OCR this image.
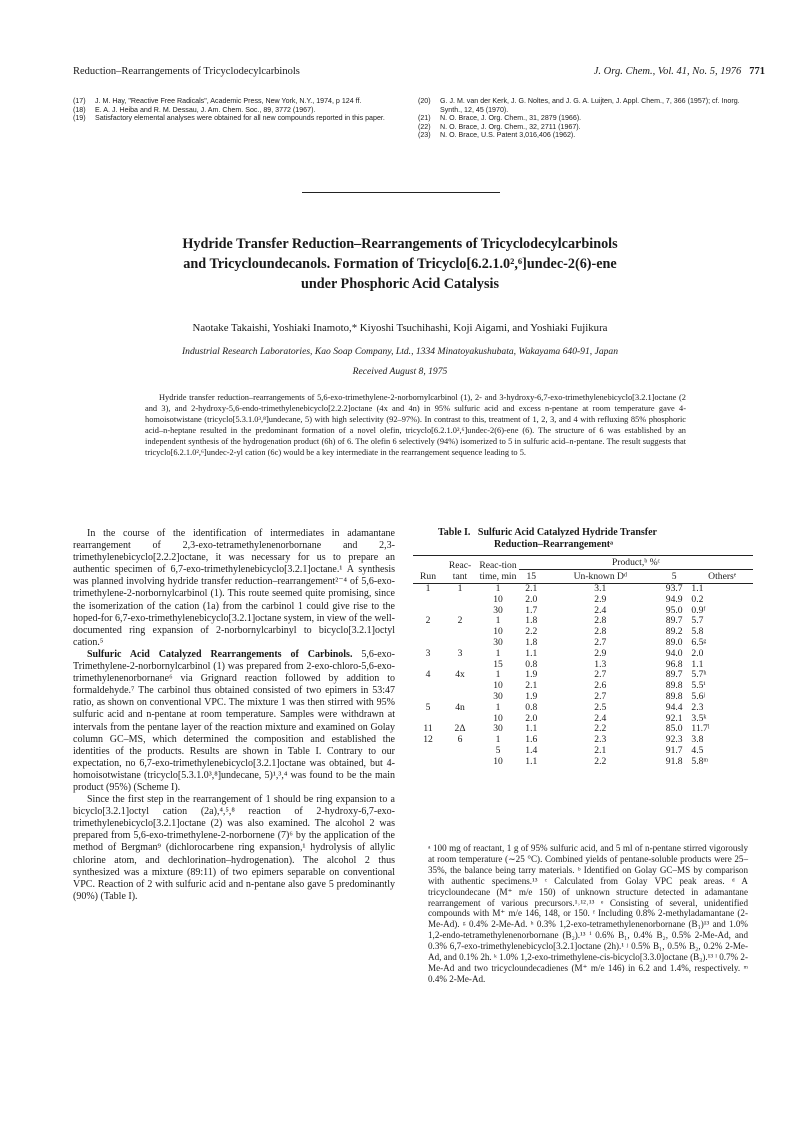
Reduction–Rearrangements of Tricyclodecylcarbinols	J. Org. Chem., Vol. 41, No. 5, 1976 771
(17)	J. M. Hay, "Reactive Free Radicals", Academic Press, New York, N.Y., 1974, p 124 ff.
(18)	E. A. J. Heiba and R. M. Dessau, J. Am. Chem. Soc., 89, 3772 (1967).
(19)	Satisfactory elemental analyses were obtained for all new compounds reported in this paper.
(20)	G. J. M. van der Kerk, J. G. Noltes, and J. G. A. Luijten, J. Appl. Chem., 7, 366 (1957); cf. Inorg. Synth., 12, 45 (1970).
(21)	N. O. Brace, J. Org. Chem., 31, 2879 (1966).
(22)	N. O. Brace, J. Org. Chem., 32, 2711 (1967).
(23)	N. O. Brace, U.S. Patent 3,016,406 (1962).
Hydride Transfer Reduction–Rearrangements of Tricyclodecylcarbinols
and Tricycloundecanols. Formation of Tricyclo[6.2.1.0²,⁶]undec-2(6)-ene
under Phosphoric Acid Catalysis
Naotake Takaishi, Yoshiaki Inamoto,* Kiyoshi Tsuchihashi, Koji Aigami, and Yoshiaki Fujikura
Industrial Research Laboratories, Kao Soap Company, Ltd., 1334 Minatoyakushubata, Wakayama 640-91, Japan
Received August 8, 1975
Hydride transfer reduction–rearrangements of 5,6-exo-trimethylene-2-norbornylcarbinol (1), 2- and 3-hydroxy-6,7-exo-trimethylenebicyclo[3.2.1]octane (2 and 3), and 2-hydroxy-5,6-endo-trimethylenebicyclo[2.2.2]octane (4x and 4n) in 95% sulfuric acid and excess n-pentane at room temperature gave 4-homoisotwistane (tricyclo[5.3.1.0³,⁸]undecane, 5) with high selectivity (92–97%). In contrast to this, treatment of 1, 2, 3, and 4 with refluxing 85% phosphoric acid–n-heptane resulted in the predominant formation of a novel olefin, tricyclo[6.2.1.0²,⁶]undec-2(6)-ene (6). The structure of 6 was established by an independent synthesis of the hydrogenation product (6h) of 6. The olefin 6 selectively (94%) isomerized to 5 in sulfuric acid–n-pentane. The result suggests that tricyclo[6.2.1.0²,⁶]undec-2-yl cation (6c) would be a key intermediate in the rearrangement sequence leading to 5.

In the course of the identification of intermediates in adamantane rearrangement of 2,3-exo-tetramethylenenorbornane and 2,3-trimethylenebicyclo[2.2.2]octane, it was necessary for us to prepare an authentic specimen of 6,7-exo-trimethylenebicyclo[3.2.1]octane.¹ A synthesis was planned involving hydride transfer reduction–rearrangement²⁻⁴ of 5,6-exo-trimethylene-2-norbornylcarbinol (1). This route seemed quite promising, since the isomerization of the cation (1a) from the carbinol 1 could give rise to the hoped-for 6,7-exo-trimethylenebicyclo[3.2.1]octane system, in view of the well-documented ring expansion of 2-norbornylcarbinyl to bicyclo[3.2.1]octyl cation.⁵

Sulfuric Acid Catalyzed Rearrangements of Carbinols. 5,6-exo-Trimethylene-2-norbornylcarbinol (1) was prepared from 2-exo-chloro-5,6-exo-trimethylenenorbornane⁶ via Grignard reaction followed by addition to formaldehyde.⁷ The carbinol thus obtained consisted of two epimers in 53:47 ratio, as shown on conventional VPC. The mixture 1 was then stirred with 95% sulfuric acid and n-pentane at room temperature. Samples were withdrawn at intervals from the pentane layer of the reaction mixture and examined on Golay column GC–MS, which determined the composition and established the identities of the products. Results are shown in Table I. Contrary to our expectation, no 6,7-exo-trimethylenebicyclo[3.2.1]octane was obtained, but 4-homoisotwistane (tricyclo[5.3.1.0³,⁸]undecane, 5)¹,³,⁴ was found to be the main product (95%) (Scheme I).

Since the first step in the rearrangement of 1 should be ring expansion to a bicyclo[3.2.1]octyl cation (2a),⁴,⁵,⁸ reaction of 2-hydroxy-6,7-exo-trimethylenebicyclo[3.2.1]octane (2) was also examined. The alcohol 2 was prepared from 5,6-exo-trimethylene-2-norbornene (7)⁶ by the application of the method of Bergman⁹ (dichlorocarbene ring expansion,¹ hydrolysis of allylic chlorine atom, and dechlorination–hydrogenation). The alcohol 2 thus synthesized was a mixture (89:11) of two epimers separable on conventional VPC. Reaction of 2 with sulfuric acid and n-pentane also gave 5 predominantly (90%) (Table I).

Table I. Sulfuric Acid Catalyzed Hydride Transfer
Reduction–Rearrangementᵃ
Run	Reac-tant	Reac-tion time, min	Product,ᵇ %ᶜ			
			15	Un-known Dᵈ	5	Othersᵉ
1	1	1	2.1	3.1	93.7	1.1
		10	2.0	2.9	94.9	0.2
		30	1.7	2.4	95.0	0.9ᶠ
2	2	1	1.8	2.8	89.7	5.7
		10	2.2	2.8	89.2	5.8
		30	1.8	2.7	89.0	6.5ᵍ
3	3	1	1.1	2.9	94.0	2.0
		15	0.8	1.3	96.8	1.1
4	4x	1	1.9	2.7	89.7	5.7ʰ
		10	2.1	2.6	89.8	5.5ⁱ
		30	1.9	2.7	89.8	5.6ʲ
5	4n	1	0.8	2.5	94.4	2.3
		10	2.0	2.4	92.1	3.5ᵏ
11	2Δ	30	1.1	2.2	85.0	11.7ˡ
12	6	1	1.6	2.3	92.3	3.8
		5	1.4	2.1	91.7	4.5
		10	1.1	2.2	91.8	5.8ᵐ
ᵃ 100 mg of reactant, 1 g of 95% sulfuric acid, and 5 ml of n-pentane stirred vigorously at room temperature (∼25 °C). Combined yields of pentane-soluble products were 25–35%, the balance being tarry materials. ᵇ Identified on Golay GC–MS by comparison with authentic specimens.¹³ ᶜ Calculated from Golay VPC peak areas. ᵈ A tricycloundecane (M⁺ m/e 150) of unknown structure detected in adamantane rearrangement of various precursors.¹˒¹²˒¹³ ᵉ Consisting of several, unidentified compounds with M⁺ m/e 146, 148, or 150. ᶠ Including 0.8% 2-methyladamantane (2-Me-Ad). ᵍ 0.4% 2-Me-Ad. ʰ 0.3% 1,2-exo-tetramethylenenorbornane (B₁)¹³ and 1.0% 1,2-endo-tetramethylenenorbornane (B₂).¹³ ⁱ 0.6% B₁, 0.4% B₂, 0.5% 2-Me-Ad, and 0.3% 6,7-exo-trimethylenebicyclo[3.2.1]octane (2h).¹ ʲ 0.5% B₁, 0.5% B₂, 0.2% 2-Me-Ad, and 0.1% 2h. ᵏ 1.0% 1,2-exo-trimethylene-cis-bicyclo[3.3.0]octane (B₃).¹³ ˡ 0.7% 2-Me-Ad and two tricycloundecadienes (M⁺ m/e 146) in 6.2 and 1.4%, respectively. ᵐ 0.4% 2-Me-Ad.
